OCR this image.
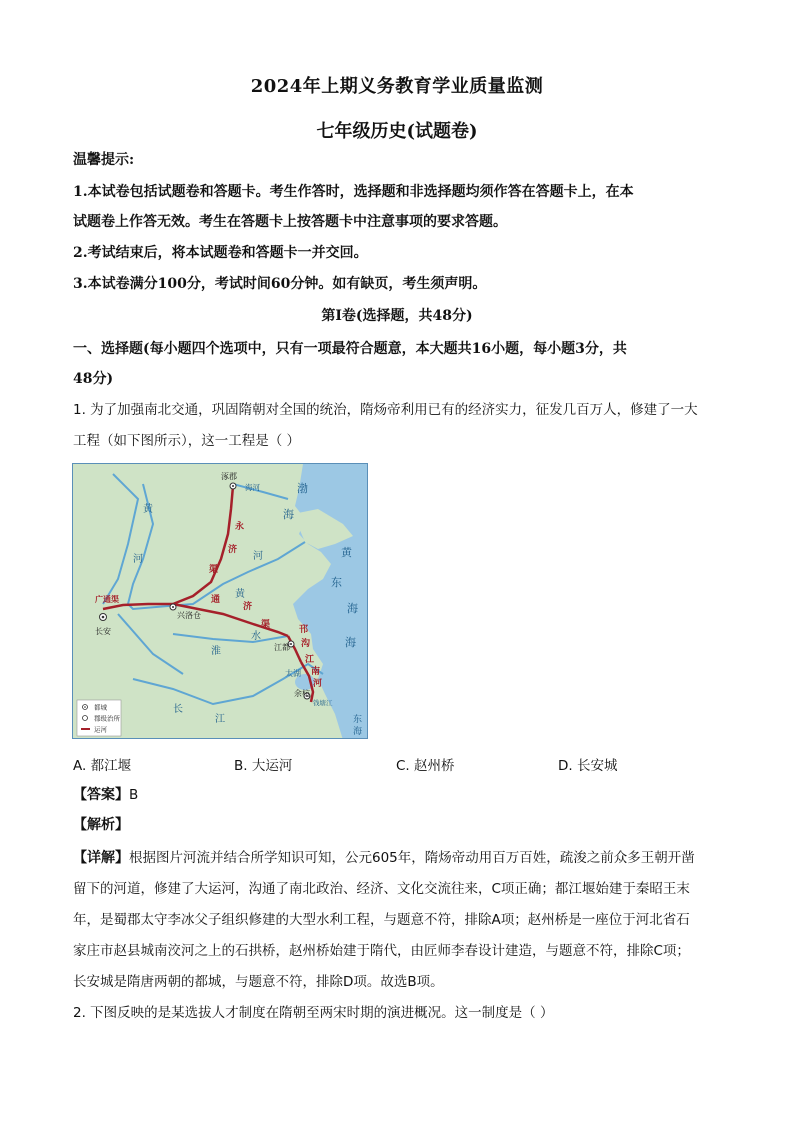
2024年上期义务教育学业质量监测
七年级历史(试题卷)
温馨提示:
1.本试卷包括试题卷和答题卡。考生作答时，选择题和非选择题均须作答在答题卡上，在本
试题卷上作答无效。考生在答题卡上按答题卡中注意事项的要求答题。
2.考试结束后，将本试题卷和答题卡一并交回。
3.本试卷满分100分，考试时间60分钟。如有缺页，考生须声明。
第Ⅰ卷(选择题，共48分)
一、选择题(每小题四个选项中，只有一项最符合题意，本大题共16小题，每小题3分，共
48分)
1. 为了加强南北交通，巩固隋朝对全国的统治，隋炀帝利用已有的经济实力，征发几百万人，修建了一大
工程（如下图所示），这一工程是（ ）
涿郡
长安
兴洛仓
江都
余杭
太湖
钱塘江
海河
黄
河	河
淮
水
长
江
黄
广通渠
永
济
渠
通
济
渠	邗
沟
江
南
河
渤
海
黄
海
东
海
东
海
都城
郡级治所
运河
A. 都江堰	B. 大运河	C. 赵州桥	D. 长安城
【答案】B
【解析】
【详解】根据图片河流并结合所学知识可知，公元605年，隋炀帝动用百万百姓，疏浚之前众多王朝开凿
留下的河道，修建了大运河，沟通了南北政治、经济、文化交流往来，C项正确；都江堰始建于秦昭王末
年，是蜀郡太守李冰父子组织修建的大型水利工程，与题意不符，排除A项；赵州桥是一座位于河北省石
家庄市赵县城南洨河之上的石拱桥，赵州桥始建于隋代，由匠师李春设计建造，与题意不符，排除C项；
长安城是隋唐两朝的都城，与题意不符，排除D项。故选B项。
2. 下图反映的是某选拔人才制度在隋朝至两宋时期的演进概况。这一制度是（ ）
